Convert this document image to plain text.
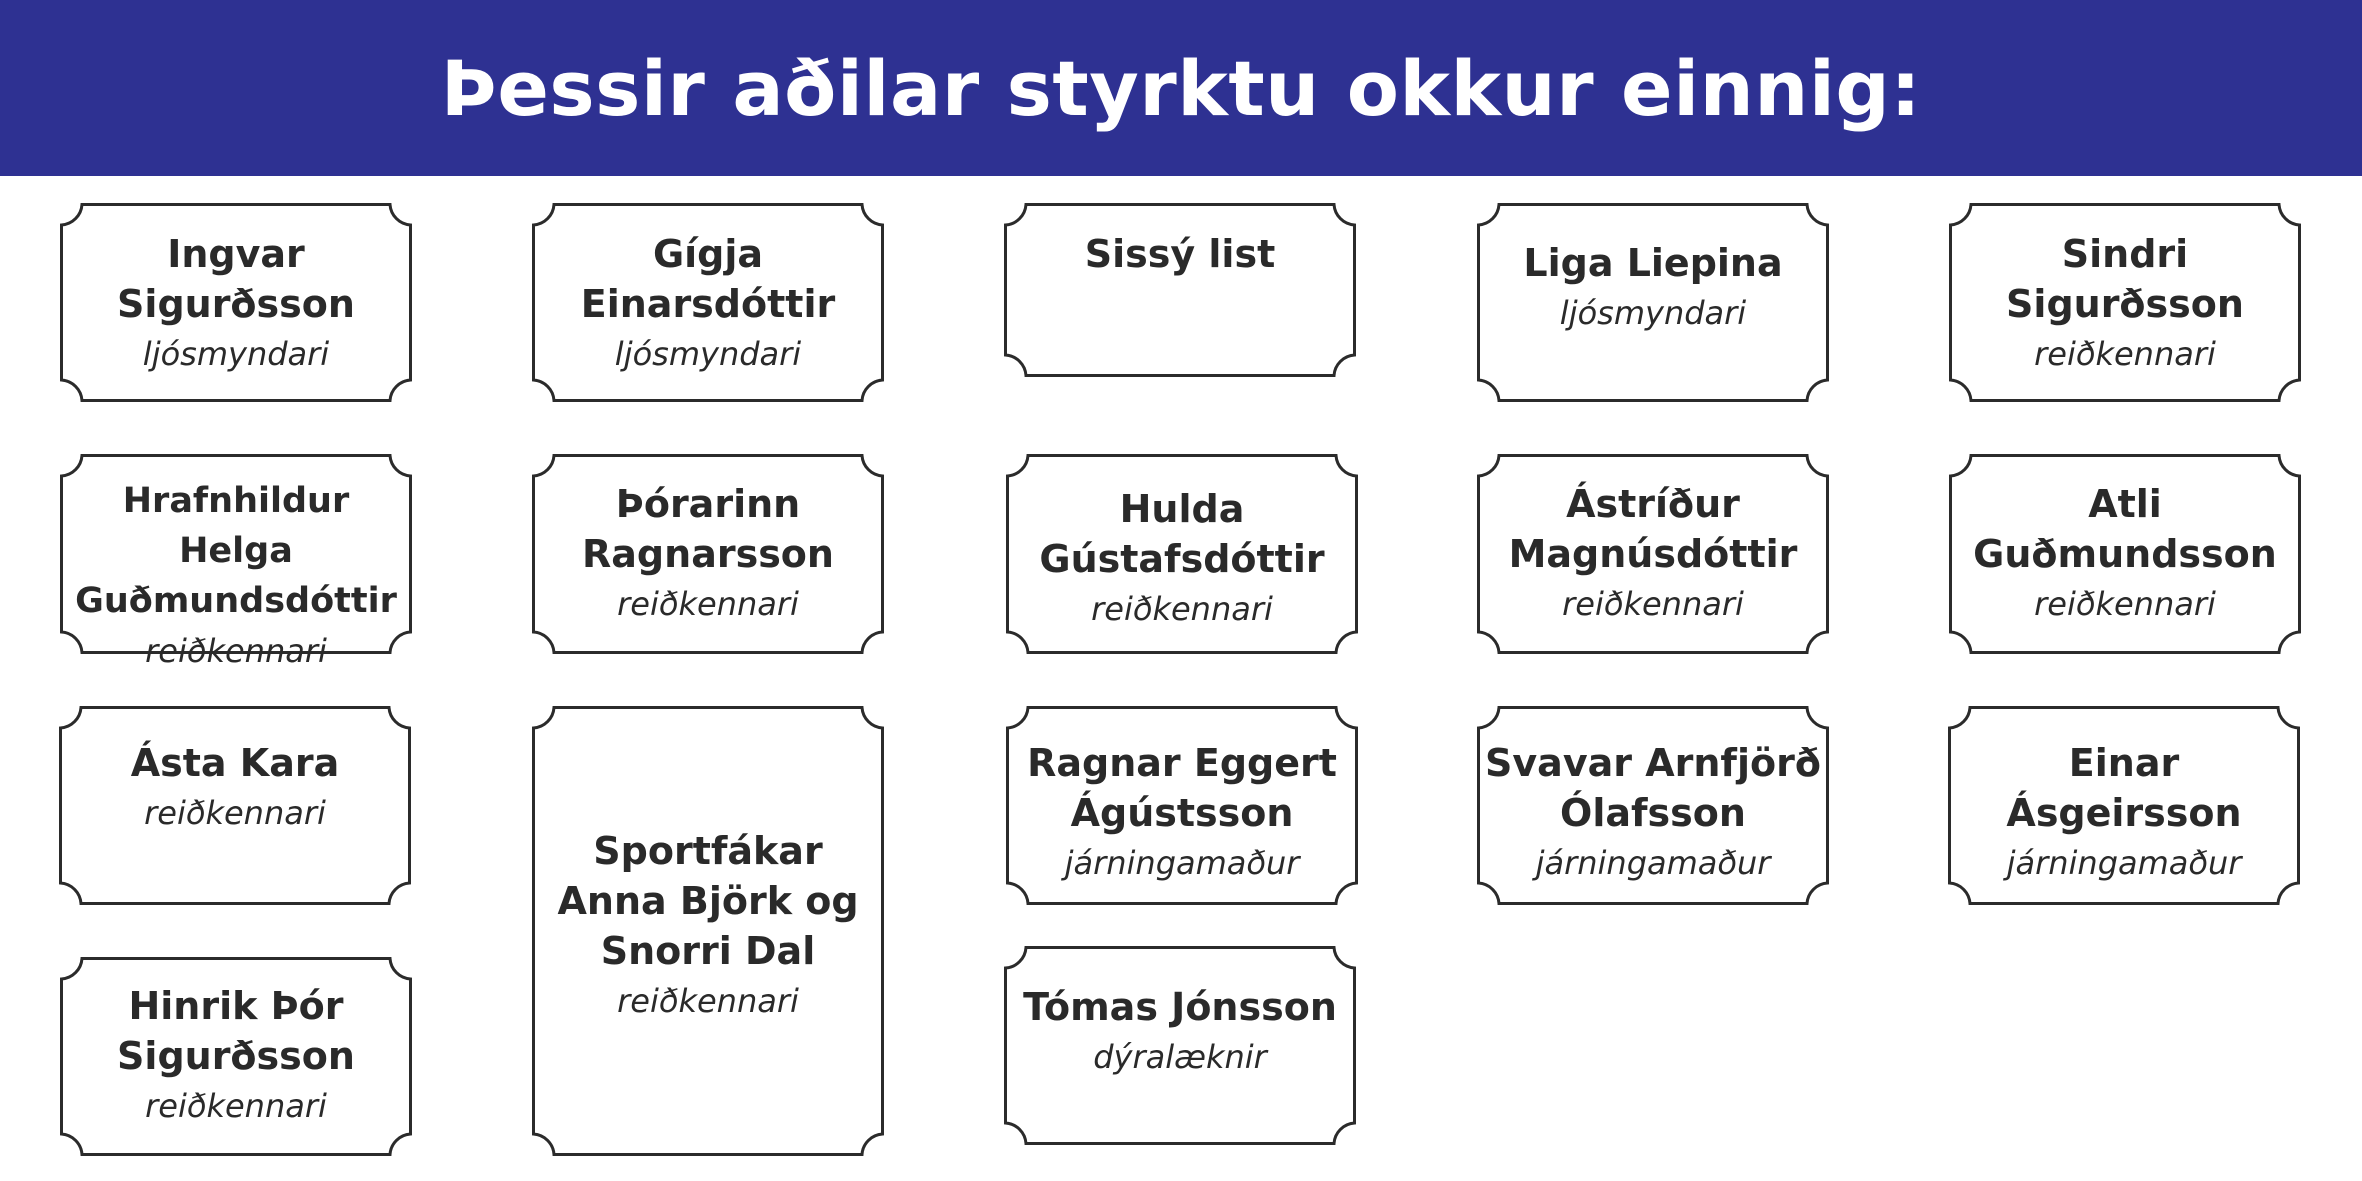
Þessir aðilar styrktu okkur einnig:
Ingvar
Sigurðsson
ljósmyndari
Gígja
Einarsdóttir
ljósmyndari
Sissý list	Liga Liepina
ljósmyndari
Sindri
Sigurðsson
reiðkennari
Hrafnhildur Helga
Guðmundsdóttir
reiðkennari
Þórarinn
Ragnarsson
reiðkennari
Hulda
Gústafsdóttir
reiðkennari
Ástríður
Magnúsdóttir
reiðkennari
Atli
Guðmundsson
reiðkennari
Ásta Kara
reiðkennari
Sportfákar
Anna Björk og
Snorri Dal
reiðkennari
Ragnar Eggert
Ágústsson
járningamaður
Svavar Arnfjörð
Ólafsson
járningamaður
Einar
Ásgeirsson
járningamaður
Hinrik Þór
Sigurðsson
reiðkennari
Tómas Jónsson
dýralæknir
